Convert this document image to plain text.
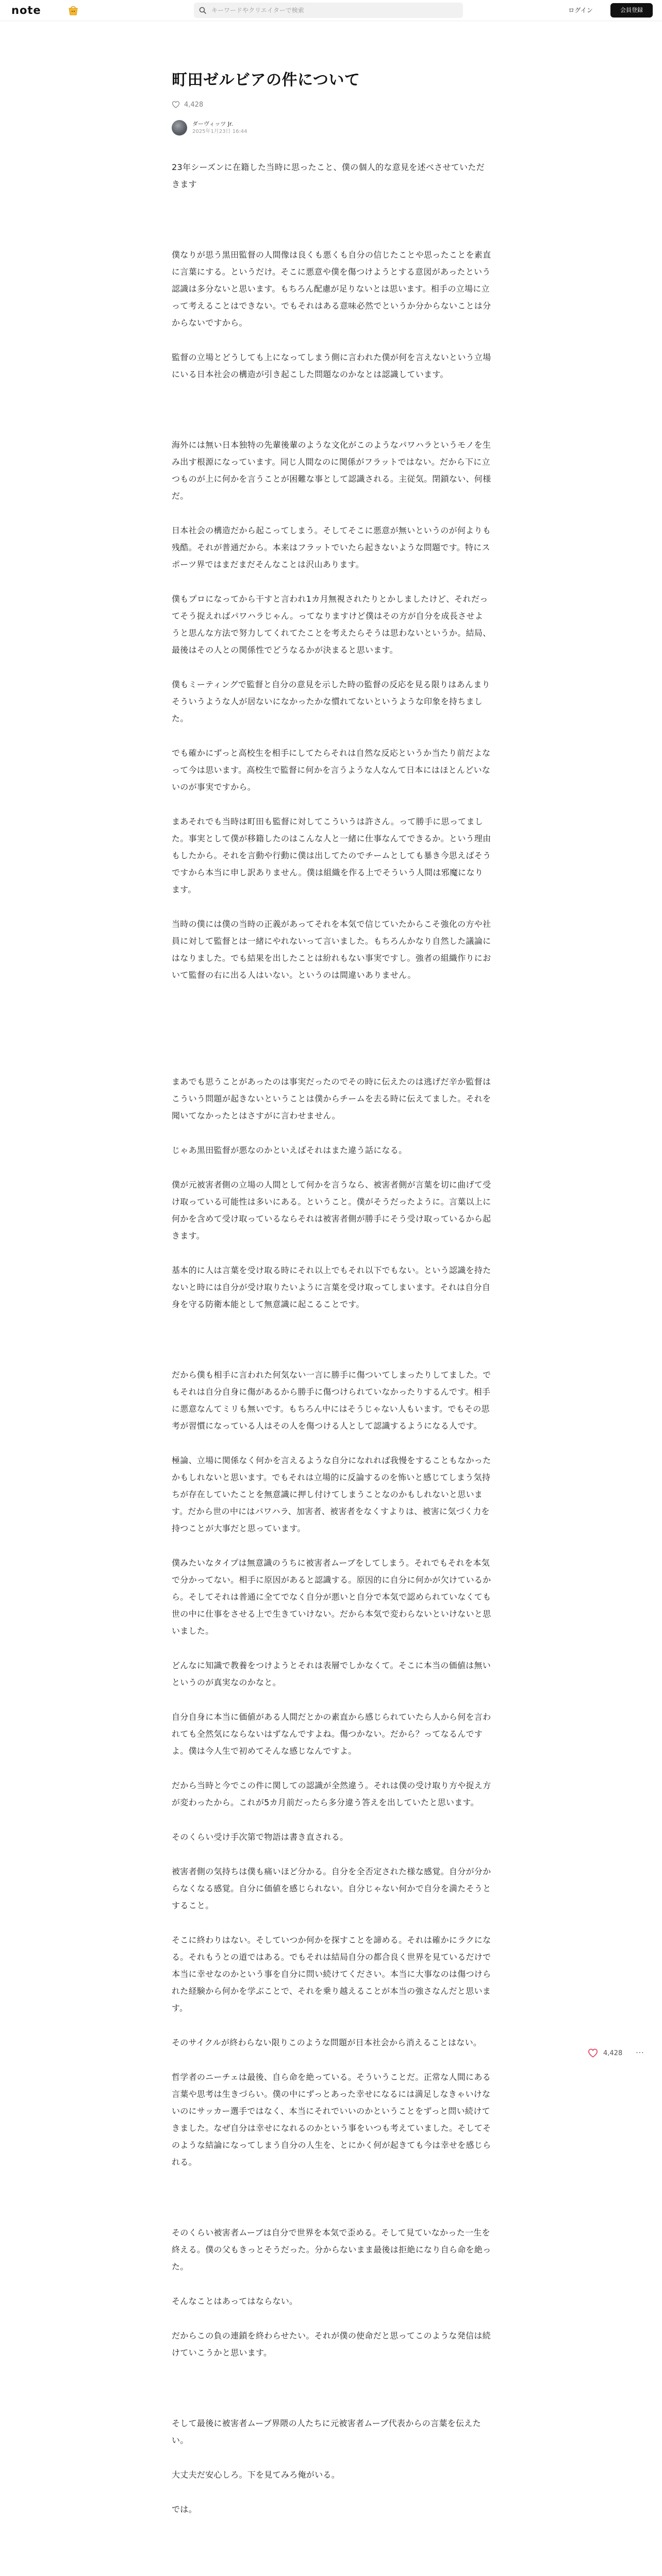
note
キーワードやクリエイターで検索	ログイン	会員登録
町田ゼルビアの件について
4,428
ダーヴィッツ Jr.
2025年1月23日 16:44

23年シーズンに在籍した当時に思ったこと、僕の個人的な意見を述べさせていただきます

僕なりが思う黒田監督の人間像は良くも悪くも自分の信じたことや思ったことを素直に言葉にする。というだけ。そこに悪意や僕を傷つけようとする意図があったという認識は多分ないと思います。もちろん配慮が足りないとは思います。相手の立場に立って考えることはできない。でもそれはある意味必然でというか分からないことは分からないですから。

監督の立場とどうしても上になってしまう側に言われた僕が何を言えないという立場にいる日本社会の構造が引き起こした問題なのかなとは認識しています。

海外には無い日本独特の先輩後輩のような文化がこのようなパワハラというモノを生み出す根源になっています。同じ人間なのに関係がフラットではない。だから下に立つものが上に何かを言うことが困難な事として認識される。主従気。閉鎖ない、何様だ。

日本社会の構造だから起こってしまう。そしてそこに悪意が無いというのが何よりも残酷。それが普通だから。本来はフラットでいたら起きないような問題です。特にスポーツ界ではまだまだそんなことは沢山あります。

僕もプロになってから干すと言われ1カ月無視されたりとかしましたけど、それだってそう捉えればパワハラじゃん。ってなりますけど僕はその方が自分を成長させようと思んな方法で努力してくれてたことを考えたらそうは思わないというか。結局、最後はその人との関係性でどうなるかが決まると思います。

僕もミーティングで監督と自分の意見を示した時の監督の反応を見る限りはあんまりそういうような人が居ないになかったかな慣れてないというような印象を持ちました。

でも確かにずっと高校生を相手にしてたらそれは自然な反応というか当たり前だよなって今は思います。高校生で監督に何かを言うような人なんて日本にはほとんどいないのが事実ですから。

まあそれでも当時は町田も監督に対してこういうは許さん。って勝手に思ってました。事実として僕が移籍したのはこんな人と一緒に仕事なんてできるか。という理由もしたから。それを言動や行動に僕は出してたのでチームとしても暴き今思えばそうですから本当に申し訳ありません。僕は組織を作る上でそういう人間は邪魔になります。

当時の僕には僕の当時の正義があってそれを本気で信じていたからこそ強化の方や社員に対して監督とは一緒にやれないって言いました。もちろんかなり自然した議論にはなりました。でも結果を出したことは紛れもない事実ですし。強者の組織作りにおいて監督の右に出る人はいない。というのは間違いありません。

まあでも思うことがあったのは事実だったのでその時に伝えたのは逃げだ辛か監督はこういう問題が起きないということは僕からチームを去る時に伝えてました。それを聞いてなかったとはさすがに言わせません。

じゃあ黒田監督が悪なのかといえばそれはまた違う話になる。

僕が元被害者側の立場の人間として何かを言うなら、被害者側が言葉を切に曲げて受け取っている可能性は多いにある。ということ。僕がそうだったように。言葉以上に何かを含めて受け取っているならそれは被害者側が勝手にそう受け取っているから起きます。

基本的に人は言葉を受け取る時にそれ以上でもそれ以下でもない。という認識を持たないと時には自分が受け取りたいように言葉を受け取ってしまいます。それは自分自身を守る防衛本能として無意識に起こることです。

だから僕も相手に言われた何気ない一言に勝手に傷ついてしまったりしてました。でもそれは自分自身に傷があるから勝手に傷つけられていなかったりするんです。相手に悪意なんてミリも無いです。もちろん中にはそうじゃない人もいます。でもその思考が習慣になっている人はその人を傷つける人として認識するようになる人です。

極論、立場に関係なく何かを言えるような自分になれれば我慢をすることもなかったかもしれないと思います。でもそれは立場的に反論するのを怖いと感じてしまう気持ちが存在していたことを無意識に押し付けてしまうことなのかもしれないと思います。だから世の中にはパワハラ、加害者、被害者をなくすよりは、被害に気づく力を持つことが大事だと思っています。

僕みたいなタイプは無意識のうちに被害者ムーブをしてしまう。それでもそれを本気で分かってない。相手に原因があると認識する。原因的に自分に何かが欠けているから。そしてそれは普通に全てでなく自分が悪いと自分で本気で認められていなくても世の中に仕事をさせる上で生きていけない。だから本気で変わらないといけないと思いました。

どんなに知識で教養をつけようとそれは表層でしかなくて。そこに本当の価値は無いというのが真実なのかなと。

自分自身に本当に価値がある人間だとかの素直から感じられていたら人から何を言われても全然気にならないはずなんですよね。傷つかない。だから？ってなるんですよ。僕は今人生で初めてそんな感じなんですよ。

だから当時と今でこの件に関しての認識が全然違う。それは僕の受け取り方や捉え方が変わったから。これが5カ月前だったら多分違う答えを出していたと思います。

そのくらい受け手次第で物語は書き直される。

被害者側の気持ちは僕も痛いほど分かる。自分を全否定された様な感覚。自分が分からなくなる感覚。自分に価値を感じられない。自分じゃない何かで自分を満たそうとすること。

そこに終わりはない。そしていつか何かを探すことを諦める。それは確かにラクになる。それもうとの道ではある。でもそれは結局自分の都合良く世界を見ているだけで本当に幸せなのかという事を自分に問い続けてください。本当に大事なのは傷つけられた経験から何かを学ぶことで、それを乗り越えることが本当の強さなんだと思います。

そのサイクルが終わらない限りこのような問題が日本社会から消えることはない。

哲学者のニーチェは最後、自ら命を絶っている。そういうことだ。正常な人間にある言葉や思考は生きづらい。僕の中にずっとあった幸せになるには満足しなきゃいけないのにサッカー選手ではなく、本当にそれでいいのかということをずっと問い続けてきました。なぜ自分は幸せになれるのかという事をいつも考えていました。そしてそのような結論になってしまう自分の人生を、とにかく何が起きても今は幸せを感じられる。

そのくらい被害者ムーブは自分で世界を本気で歪める。そして見ていなかった一生を終える。僕の父もきっとそうだった。分からないまま最後は拒絶になり自ら命を絶った。

そんなことはあってはならない。

だからこの負の連鎖を終わらせたい。それが僕の使命だと思ってこのような発信は続けていこうかと思います。

そして最後に被害者ムーブ界隈の人たちに元被害者ムーブ代表からの言葉を伝えたい。

大丈夫だ安心しろ。下を見てみろ俺がいる。

では。

4,428 ···
